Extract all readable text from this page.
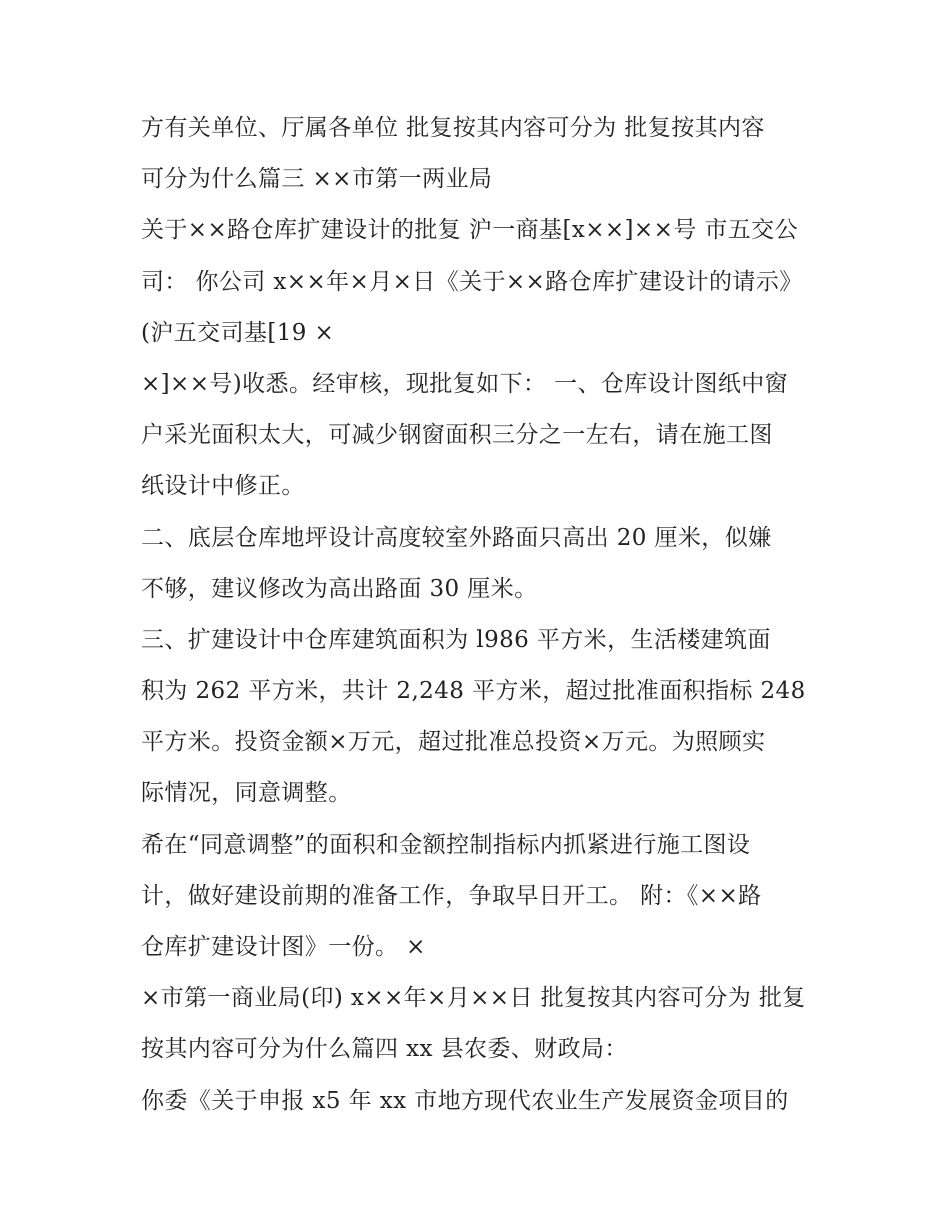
方有关单位、厅属各单位 批复按其内容可分为 批复按其内容
可分为什么篇三 ××市第一两业局
关于××路仓库扩建设计的批复 沪一商基[x××]××号 市五交公
司： 你公司 x××年×月×日《关于××路仓库扩建设计的请示》
(沪五交司基[19 ×
×]××号)收悉。经审核，现批复如下： 一、仓库设计图纸中窗
户采光面积太大，可减少钢窗面积三分之一左右，请在施工图
纸设计中修正。
二、底层仓库地坪设计高度较室外路面只高出 20 厘米，似嫌
不够，建议修改为高出路面 30 厘米。
三、扩建设计中仓库建筑面积为 l986 平方米，生活楼建筑面
积为 262 平方米，共计 2,248 平方米，超过批准面积指标 248
平方米。投资金额×万元，超过批准总投资×万元。为照顾实
际情况，同意调整。
希在“同意调整”的面积和金额控制指标内抓紧进行施工图设
计，做好建设前期的准备工作，争取早日开工。 附：《××路
仓库扩建设计图》一份。 ×
×市第一商业局(印) x××年×月××日 批复按其内容可分为 批复
按其内容可分为什么篇四 xx 县农委、财政局：
你委《关于申报 x5 年 xx 市地方现代农业生产发展资金项目的
